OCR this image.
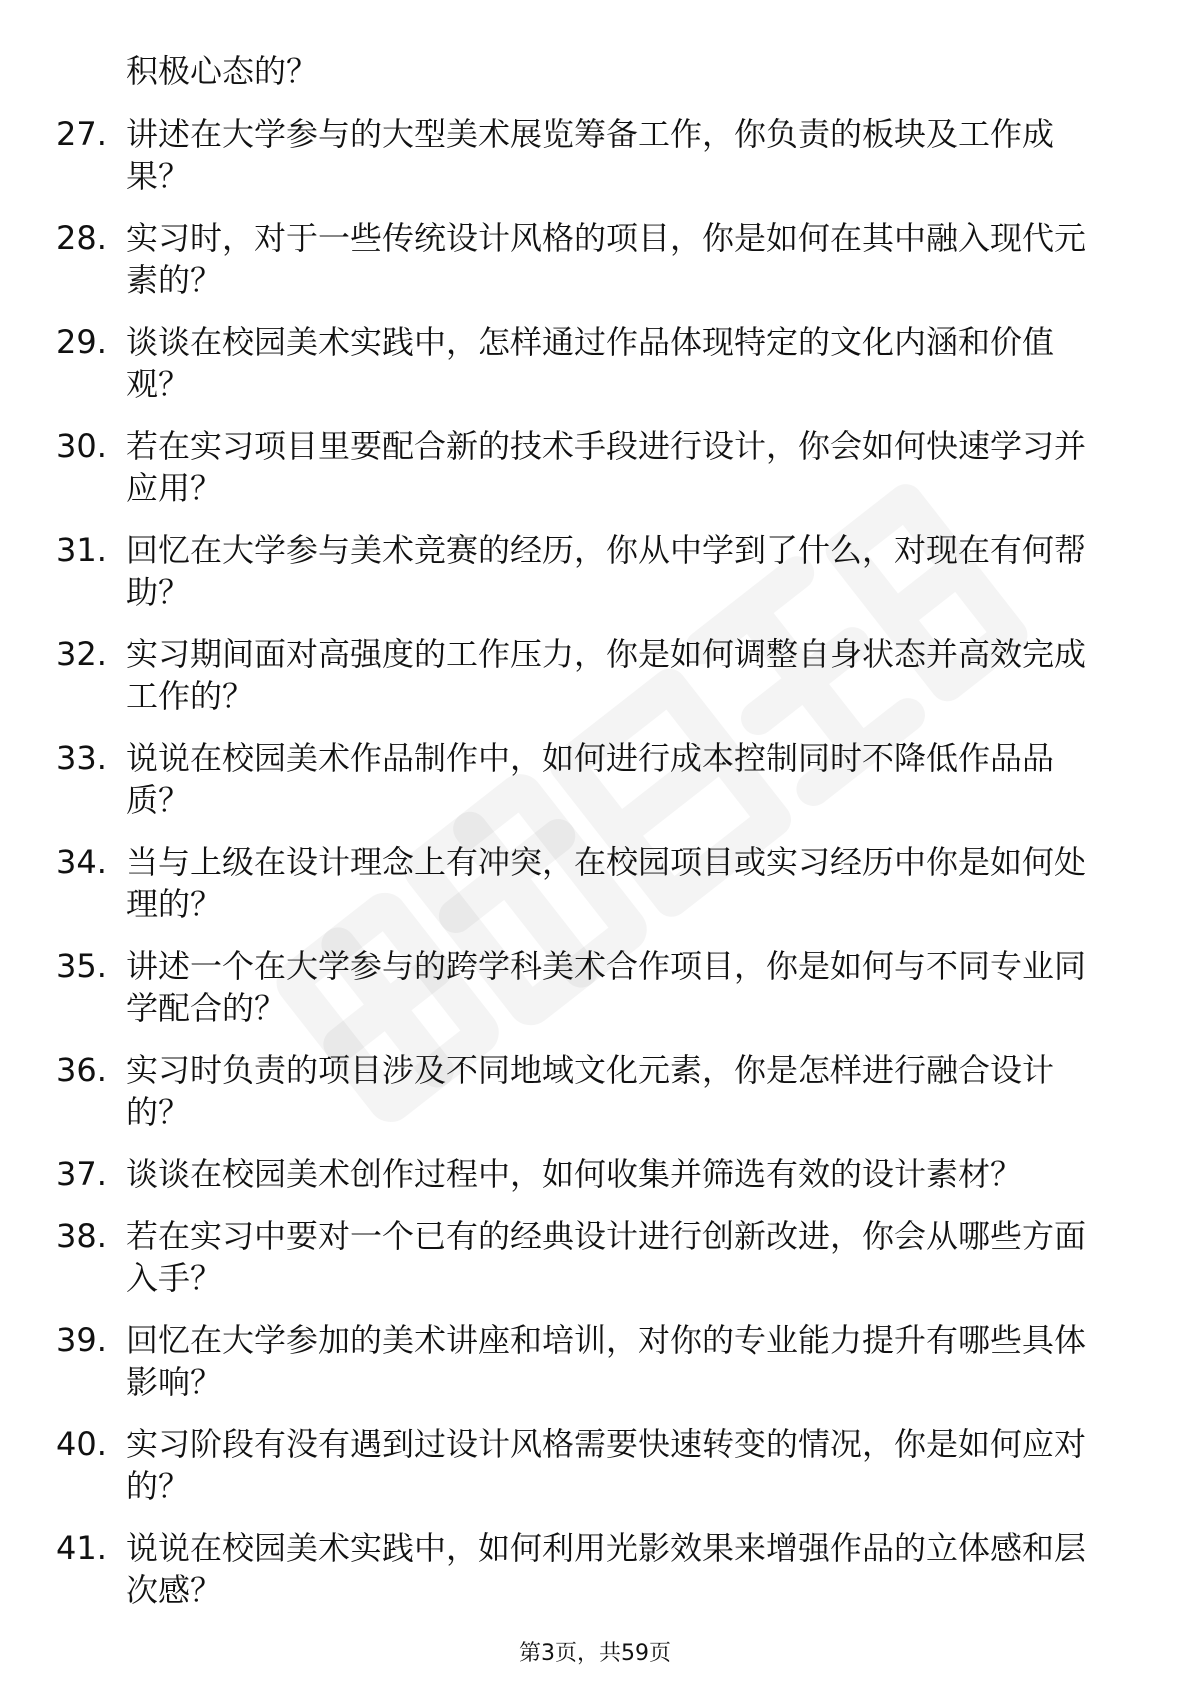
积极心态的？
27. 讲述在大学参与的大型美术展览筹备工作，你负责的板块及工作成果？
28. 实习时，对于一些传统设计风格的项目，你是如何在其中融入现代元素的？
29. 谈谈在校园美术实践中，怎样通过作品体现特定的文化内涵和价值观？
30. 若在实习项目里要配合新的技术手段进行设计，你会如何快速学习并应用？
31. 回忆在大学参与美术竞赛的经历，你从中学到了什么，对现在有何帮助？
32. 实习期间面对高强度的工作压力，你是如何调整自身状态并高效完成工作的？
33. 说说在校园美术作品制作中，如何进行成本控制同时不降低作品品质？
34. 当与上级在设计理念上有冲突，在校园项目或实习经历中你是如何处理的？
35. 讲述一个在大学参与的跨学科美术合作项目，你是如何与不同专业同学配合的？
36. 实习时负责的项目涉及不同地域文化元素，你是怎样进行融合设计的？
37. 谈谈在校园美术创作过程中，如何收集并筛选有效的设计素材？
38. 若在实习中要对一个已有的经典设计进行创新改进，你会从哪些方面入手？
39. 回忆在大学参加的美术讲座和培训，对你的专业能力提升有哪些具体影响？
40. 实习阶段有没有遇到过设计风格需要快速转变的情况，你是如何应对的？
41. 说说在校园美术实践中，如何利用光影效果来增强作品的立体感和层次感？
第3页，共59页
